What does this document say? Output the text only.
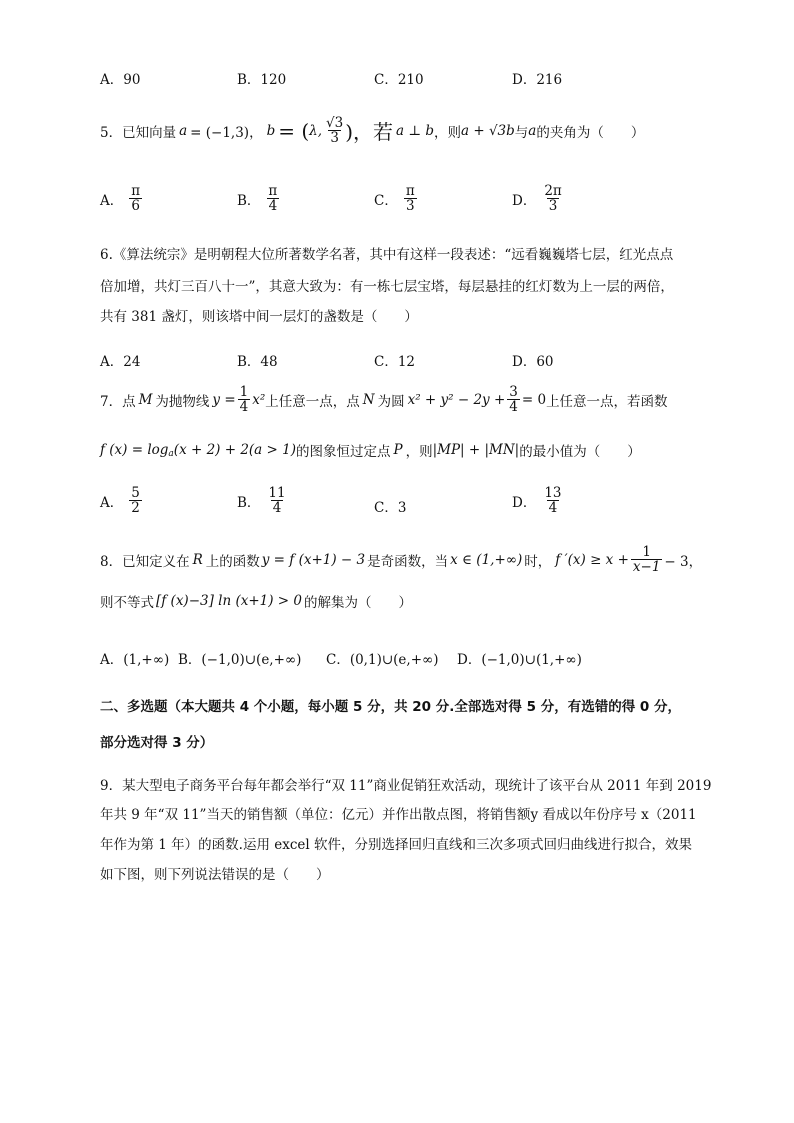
A．90	B．120	C．210	D．216
5．已知向量 a = (−1,3)， b = ( λ, $\frac{√3}{3}$ )，若 a ⊥ b ，则 a + √3b 与 a 的夹角为（　　）
A． $\frac{\pi}{6}$	B． $\frac{\pi}{4}$	C． $\frac{\pi}{3}$	D． $\frac{2\pi}{3}$
6.《算法统宗》是明朝程大位所著数学名著，其中有这样一段表述：“远看巍巍塔七层，红光点点
倍加增，共灯三百八十一”，其意大致为：有一栋七层宝塔，每层悬挂的红灯数为上一层的两倍，
共有 381 盏灯，则该塔中间一层灯的盏数是（　　）
A．24	B．48	C．12	D．60
7．点 M 为抛物线 $y = \frac{1}{4} x^2$ 上任意一点，点 N 为圆 $x^2 + y^2 - 2y + \frac{3}{4} = 0$ 上任意一点，若函数
f $(x) = \log_a (x + 2) + 2(a > 1)$ 的图象恒过定点 P ，则 |MP| + |MN| 的最小值为（　　）
A． $\frac{5}{2}$	B． $\frac{11}{4}$	C．3	D． $\frac{13}{4}$
8．已知定义在 R 上的函数 y = f (x+1) − 3 是奇函数，当 x ∈ (1,+∞) 时， f $'(x) \ge x + \frac{1}{x-1} - 3$，
则不等式 [f (x)−3] ln (x+1) > 0 的解集为（　　）
A．(1,+∞) B．(−1,0)∪(e,+∞) C．(0,1)∪(e,+∞) D．(−1,0)∪(1,+∞)
二、多选题（本大题共 4 个小题，每小题 5 分，共 20 分.全部选对得 5 分，有选错的得 0 分，
部分选对得 3 分）
9．某大型电子商务平台每年都会举行“双 11”商业促销狂欢活动，现统计了该平台从 2011 年到 2019
年共 9 年“双 11”当天的销售额（单位：亿元）并作出散点图，将销售额y 看成以年份序号 x（2011
年作为第 1 年）的函数.运用 excel 软件，分别选择回归直线和三次多项式回归曲线进行拟合，效果
如下图，则下列说法错误的是（　　）
